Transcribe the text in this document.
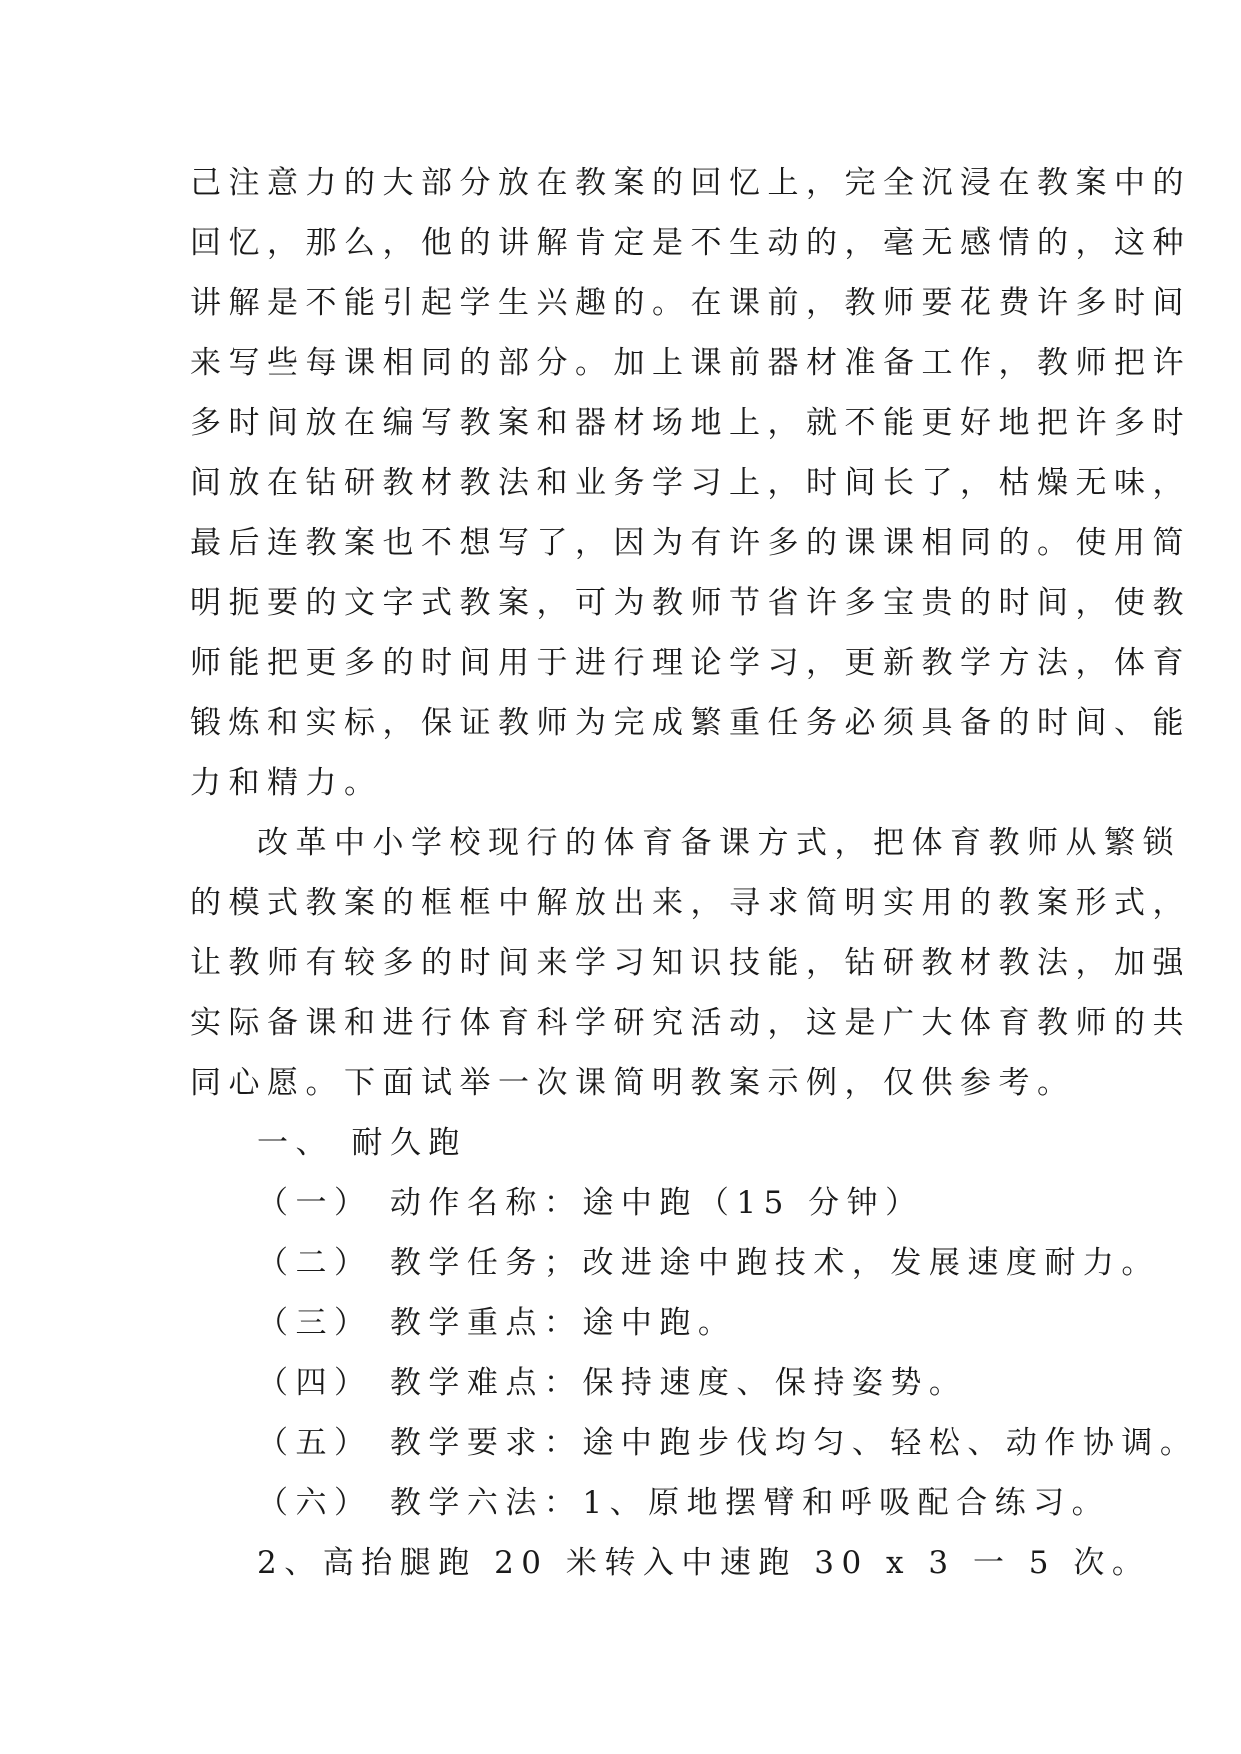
己注意力的大部分放在教案的回忆上，完全沉浸在教案中的
回忆，那么，他的讲解肯定是不生动的，毫无感情的，这种
讲解是不能引起学生兴趣的。在课前，教师要花费许多时间
来写些每课相同的部分。加上课前器材准备工作，教师把许
多时间放在编写教案和器材场地上，就不能更好地把许多时
间放在钻研教材教法和业务学习上，时间长了，枯燥无味，
最后连教案也不想写了，因为有许多的课课相同的。使用简
明扼要的文字式教案，可为教师节省许多宝贵的时间，使教
师能把更多的时间用于进行理论学习，更新教学方法，体育
锻炼和实标，保证教师为完成繁重任务必须具备的时间、能
力和精力。
改革中小学校现行的体育备课方式，把体育教师从繁锁
的模式教案的框框中解放出来，寻求简明实用的教案形式，
让教师有较多的时间来学习知识技能，钻研教材教法，加强
实际备课和进行体育科学研究活动，这是广大体育教师的共
同心愿。下面试举一次课简明教案示例，仅供参考。
一、 耐久跑
（一） 动作名称：途中跑（15 分钟）
（二） 教学任务；改进途中跑技术，发展速度耐力。
（三） 教学重点：途中跑。
（四） 教学难点：保持速度、保持姿势。
（五） 教学要求：途中跑步伐均匀、轻松、动作协调。
（六） 教学六法：1、原地摆臂和呼吸配合练习。
2、高抬腿跑 20 米转入中速跑 30 x 3 一 5 次。
